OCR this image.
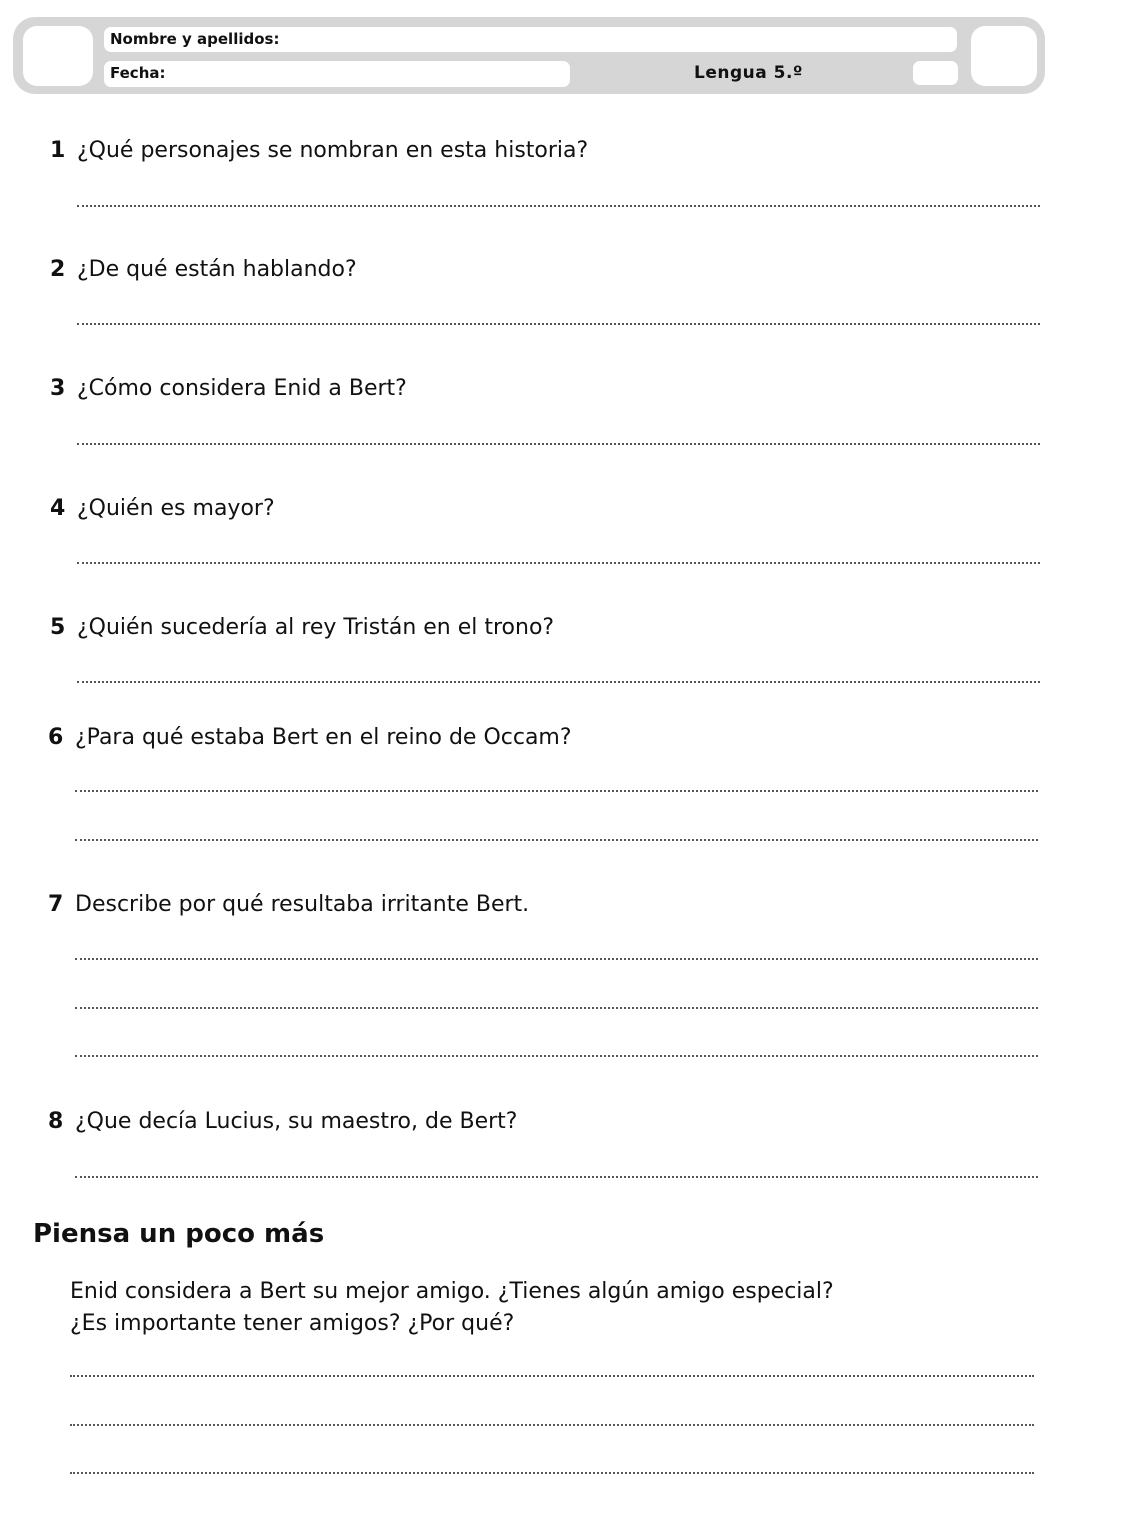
Nombre y apellidos:
Fecha:	Lengua 5.º
1 ¿Qué personajes se nombran en esta historia?
2 ¿De qué están hablando?
3 ¿Cómo considera Enid a Bert?
4 ¿Quién es mayor?
5 ¿Quién sucedería al rey Tristán en el trono?
6 ¿Para qué estaba Bert en el reino de Occam?
7 Describe por qué resultaba irritante Bert.
8 ¿Que decía Lucius, su maestro, de Bert?
Piensa un poco más
Enid considera a Bert su mejor amigo. ¿Tienes algún amigo especial?
¿Es importante tener amigos? ¿Por qué?
